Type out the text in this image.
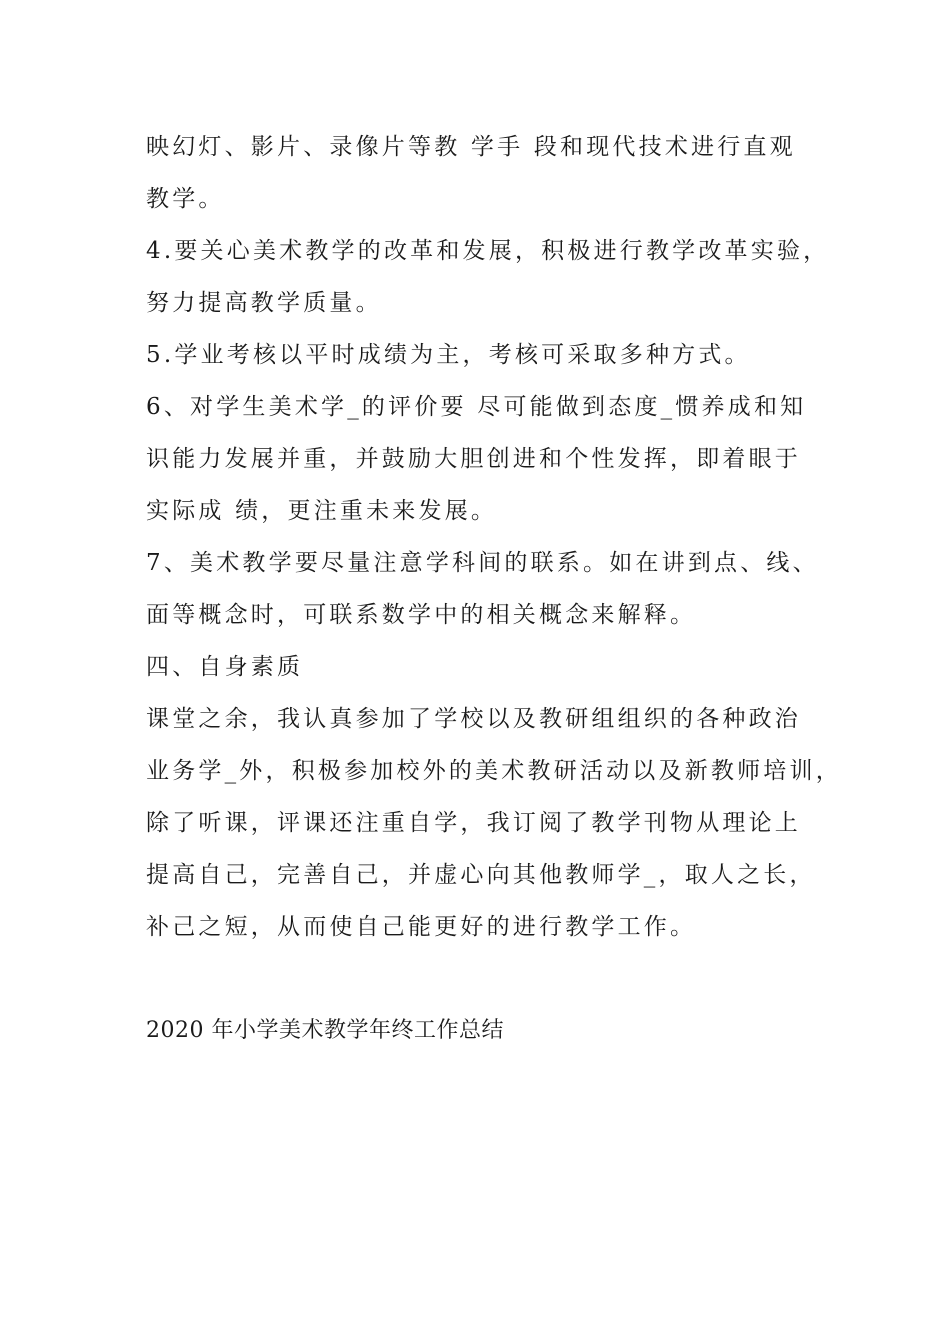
映幻灯、影片、录像片等教 学手 段和现代技术进行直观
教学。
4.要关心美术教学的改革和发展，积极进行教学改革实验，
努力提高教学质量。
5.学业考核以平时成绩为主，考核可采取多种方式。
6、对学生美术学_的评价要 尽可能做到态度_惯养成和知
识能力发展并重，并鼓励大胆创进和个性发挥，即着眼于
实际成 绩，更注重未来发展。
7、美术教学要尽量注意学科间的联系。如在讲到点、线、
面等概念时，可联系数学中的相关概念来解释。
四、自身素质
课堂之余，我认真参加了学校以及教研组组织的各种政治
业务学_外，积极参加校外的美术教研活动以及新教师培训，
除了听课，评课还注重自学，我订阅了教学刊物从理论上
提高自己，完善自己，并虚心向其他教师学_，取人之长，
补己之短，从而使自己能更好的进行教学工作。
2020 年小学美术教学年终工作总结
